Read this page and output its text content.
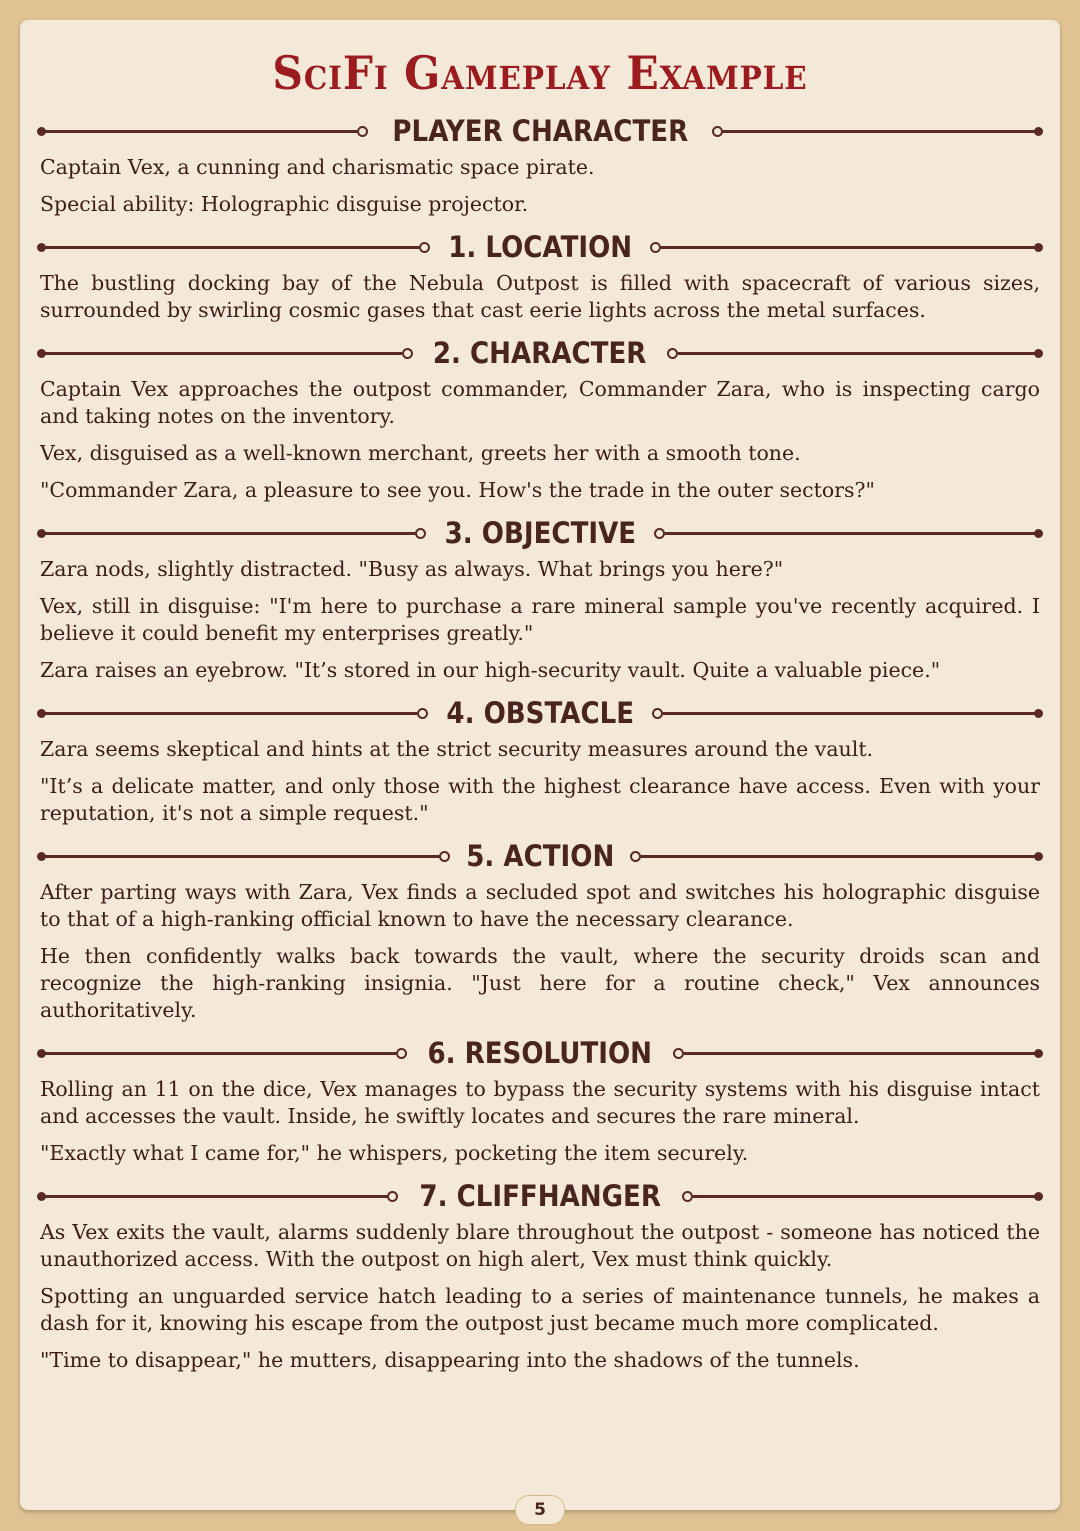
SciFi Gameplay Example
PLAYER CHARACTER

Captain Vex, a cunning and charismatic space pirate.

Special ability: Holographic disguise projector.

1. LOCATION

The bustling docking bay of the Nebula Outpost is filled with spacecraft of various sizes, surrounded by swirling cosmic gases that cast eerie lights across the metal surfaces.

2. CHARACTER

Captain Vex approaches the outpost commander, Commander Zara, who is inspecting cargo and taking notes on the inventory.

Vex, disguised as a well-known merchant, greets her with a smooth tone.

"Commander Zara, a pleasure to see you. How's the trade in the outer sectors?"

3. OBJECTIVE

Zara nods, slightly distracted. "Busy as always. What brings you here?"

Vex, still in disguise: "I'm here to purchase a rare mineral sample you've recently acquired. I believe it could benefit my enterprises greatly."

Zara raises an eyebrow. "It’s stored in our high-security vault. Quite a valuable piece."

4. OBSTACLE

Zara seems skeptical and hints at the strict security measures around the vault.

"It’s a delicate matter, and only those with the highest clearance have access. Even with your reputation, it's not a simple request."

5. ACTION

After parting ways with Zara, Vex finds a secluded spot and switches his holographic disguise to that of a high-ranking official known to have the necessary clearance.

He then confidently walks back towards the vault, where the security droids scan and recognize the high-ranking insignia. "Just here for a routine check," Vex announces authoritatively.

6. RESOLUTION

Rolling an 11 on the dice, Vex manages to bypass the security systems with his disguise intact and accesses the vault. Inside, he swiftly locates and secures the rare mineral.

"Exactly what I came for," he whispers, pocketing the item securely.

7. CLIFFHANGER

As Vex exits the vault, alarms suddenly blare throughout the outpost - someone has noticed the unauthorized access. With the outpost on high alert, Vex must think quickly.

Spotting an unguarded service hatch leading to a series of maintenance tunnels, he makes a dash for it, knowing his escape from the outpost just became much more complicated.

"Time to disappear," he mutters, disappearing into the shadows of the tunnels.

5
